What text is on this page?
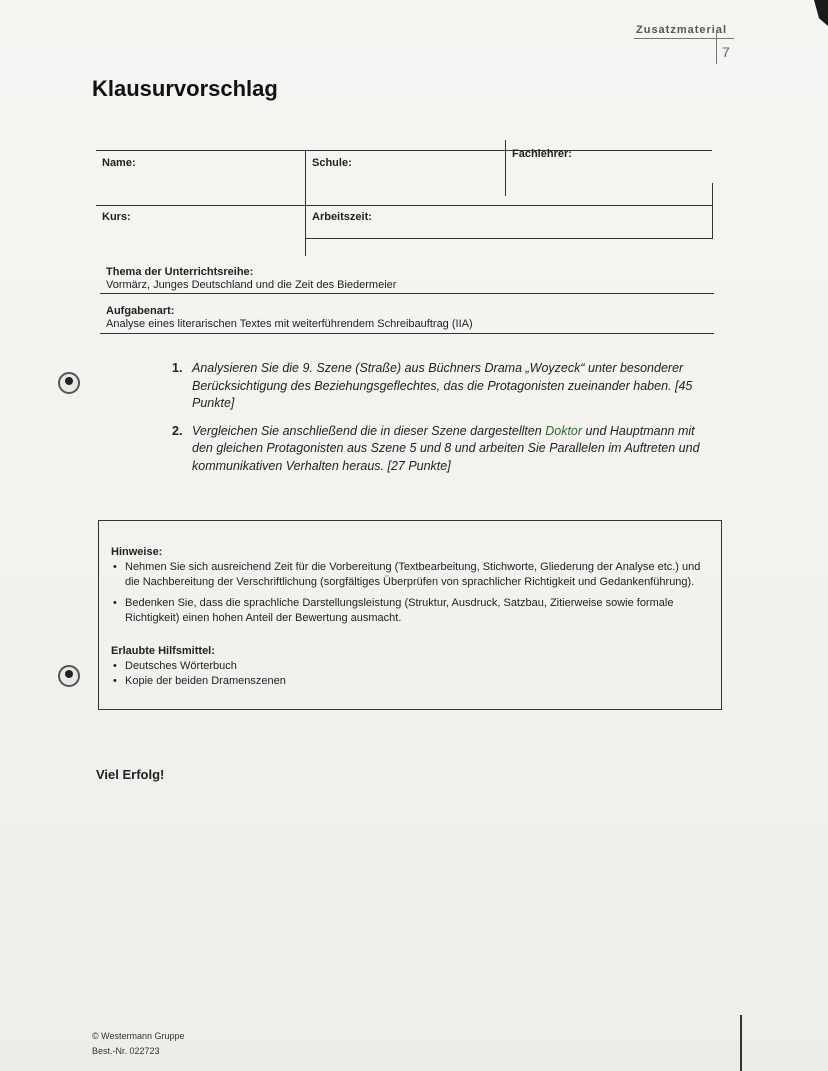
Zusatzmaterial
7
Klausurvorschlag
Name:	Schule:
Fachlehrer:
Kurs:	Arbeitszeit:
Thema der Unterrichtsreihe:
Vormärz, Junges Deutschland und die Zeit des Biedermeier
Aufgabenart:
Analyse eines literarischen Textes mit weiterführendem Schreibauftrag (IIA)
1. Analysieren Sie die 9. Szene (Straße) aus Büchners Drama „Woyzeck“ unter besonderer Berücksichtigung des Beziehungsgeflechtes, das die Protagonisten zueinander haben. [45 Punkte]
2. Vergleichen Sie anschließend die in dieser Szene dargestellten Doktor und Hauptmann mit den gleichen Protagonisten aus Szene 5 und 8 und arbeiten Sie Parallelen im Auftreten und kommunikativen Verhalten heraus. [27 Punkte]
Hinweise:
• Nehmen Sie sich ausreichend Zeit für die Vorbereitung (Textbearbeitung, Stichworte, Gliederung der Analyse etc.) und die Nachbereitung der Verschriftlichung (sorgfältiges Überprüfen von sprachlicher Richtigkeit und Gedankenführung).
• Bedenken Sie, dass die sprachliche Darstellungsleistung (Struktur, Ausdruck, Satzbau, Zitierweise sowie formale Richtigkeit) einen hohen Anteil der Bewertung ausmacht.
Erlaubte Hilfsmittel:
• Deutsches Wörterbuch
• Kopie der beiden Dramenszenen
Viel Erfolg!
© Westermann Gruppe
Best.-Nr. 022723
